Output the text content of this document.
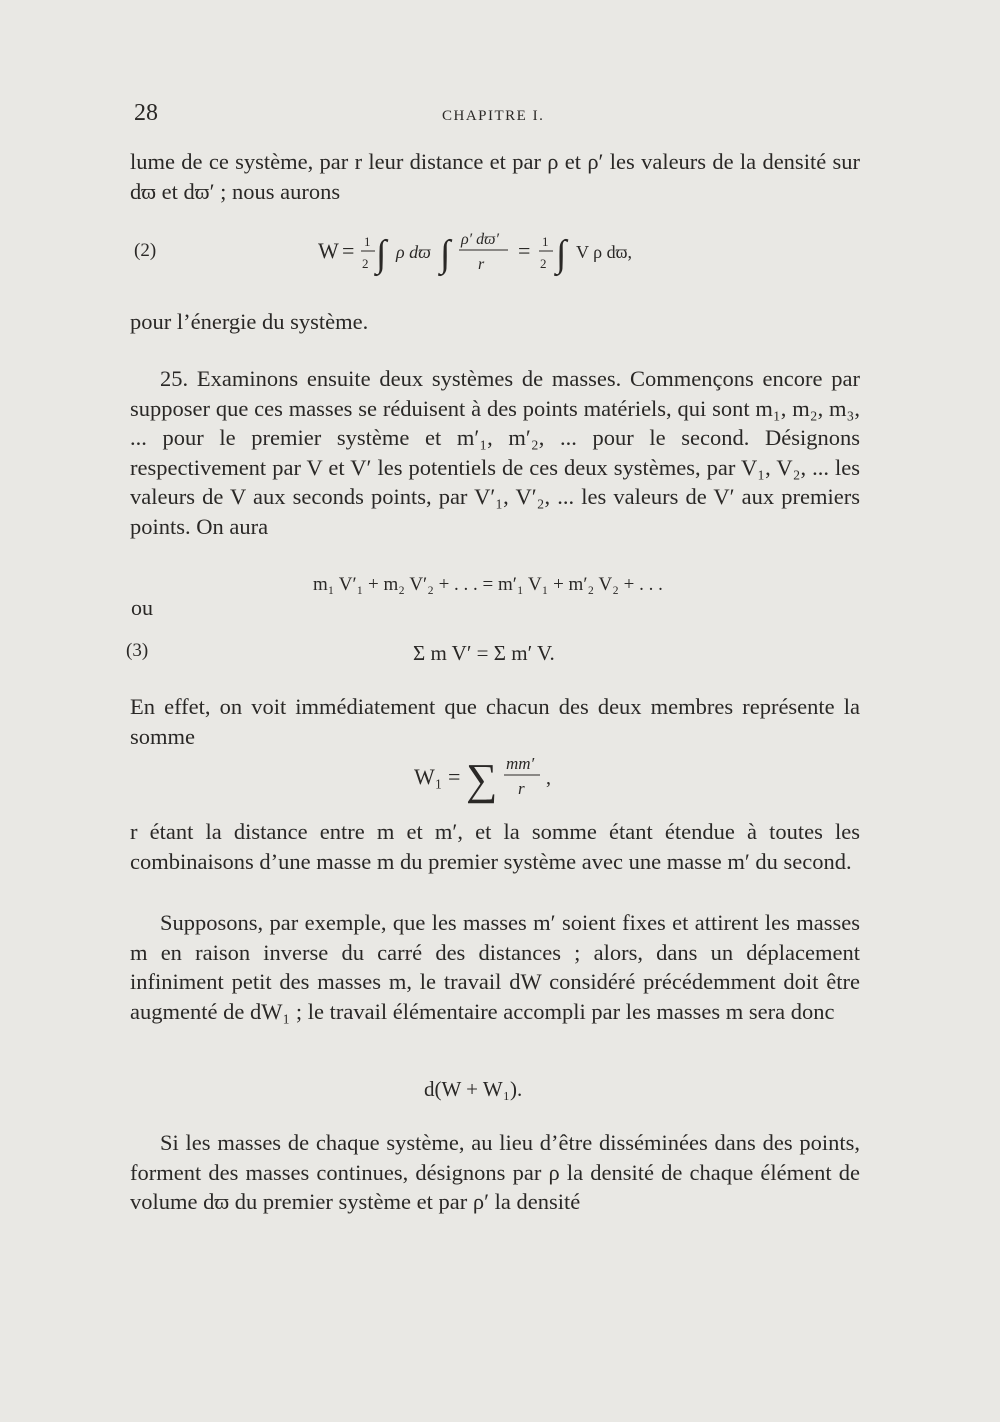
28	CHAPITRE I.
lume de ce système, par r leur distance et par ρ et ρ′ les valeurs de la densité sur dϖ et dϖ′ ; nous aurons
(2)	W = 1
2 ∫ ρ dϖ ∫ ρ′ dϖ′
r
= 1
2 ∫ V ρ dϖ,
pour l’énergie du système.
25. Examinons ensuite deux systèmes de masses. Commençons encore par supposer que ces masses se réduisent à des points matériels, qui sont m₁, m₂, m₃, ... pour le premier système et m′₁, m′₂, ... pour le second. Désignons respectivement par V et V′ les potentiels de ces deux systèmes, par V₁, V₂, ... les valeurs de V aux seconds points, par V′₁, V′₂, ... les valeurs de V′ aux premiers points. On aura
m₁ V′₁ + m₂ V′₂ + . . . = m′₁ V₁ + m′₂ V₂ + . . .
ou
(3)	Σ m V′ = Σ m′ V.
En effet, on voit immédiatement que chacun des deux membres représente la somme
W₁ = ∑ mm′
r ,
r étant la distance entre m et m′, et la somme étant étendue à toutes les combinaisons d’une masse m du premier système avec une masse m′ du second.
Supposons, par exemple, que les masses m′ soient fixes et attirent les masses m en raison inverse du carré des distances ; alors, dans un déplacement infiniment petit des masses m, le travail dW considéré précédemment doit être augmenté de dW₁ ; le travail élémentaire accompli par les masses m sera donc
d(W + W₁).
Si les masses de chaque système, au lieu d’être disséminées dans des points, forment des masses continues, désignons par ρ la densité de chaque élément de volume dϖ du premier système et par ρ′ la densité
